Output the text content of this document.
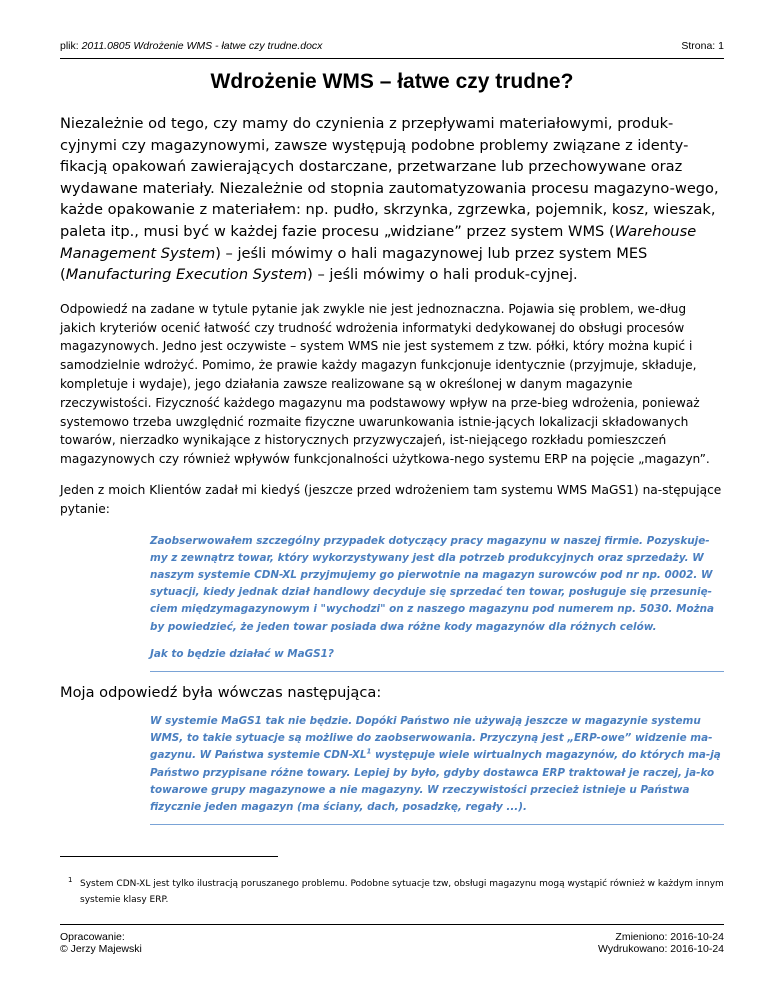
plik: 2011.0805 Wdrożenie WMS - łatwe czy trudne.docx	Strona: 1
Wdrożenie WMS – łatwe czy trudne?

Niezależnie od tego, czy mamy do czynienia z przepływami materiałowymi, produk-cyjnymi czy magazynowymi, zawsze występują podobne problemy związane z identy-fikacją opakowań zawierających dostarczane, przetwarzane lub przechowywane oraz wydawane materiały. Niezależnie od stopnia zautomatyzowania procesu magazyno-wego, każde opakowanie z materiałem: np. pudło, skrzynka, zgrzewka, pojemnik, kosz, wieszak, paleta itp., musi być w każdej fazie procesu „widziane” przez system WMS (Warehouse Management System) – jeśli mówimy o hali magazynowej lub przez system MES (Manufacturing Execution System) – jeśli mówimy o hali produk-cyjnej.

Odpowiedź na zadane w tytule pytanie jak zwykle nie jest jednoznaczna. Pojawia się problem, we-dług jakich kryteriów ocenić łatwość czy trudność wdrożenia informatyki dedykowanej do obsługi procesów magazynowych. Jedno jest oczywiste – system WMS nie jest systemem z tzw. półki, który można kupić i samodzielnie wdrożyć. Pomimo, że prawie każdy magazyn funkcjonuje identycznie (przyjmuje, składuje, kompletuje i wydaje), jego działania zawsze realizowane są w określonej w danym magazynie rzeczywistości. Fizyczność każdego magazynu ma podstawowy wpływ na prze-bieg wdrożenia, ponieważ systemowo trzeba uwzględnić rozmaite fizyczne uwarunkowania istnie-jących lokalizacji składowanych towarów, nierzadko wynikające z historycznych przyzwyczajeń, ist-niejącego rozkładu pomieszczeń magazynowych czy również wpływów funkcjonalności użytkowa-nego systemu ERP na pojęcie „magazyn”.

Jeden z moich Klientów zadał mi kiedyś (jeszcze przed wdrożeniem tam systemu WMS MaGS1) na-stępujące pytanie:

Zaobserwowałem szczególny przypadek dotyczący pracy magazynu w naszej firmie. Pozyskuje-my z zewnątrz towar, który wykorzystywany jest dla potrzeb produkcyjnych oraz sprzedaży. W naszym systemie CDN-XL przyjmujemy go pierwotnie na magazyn surowców pod nr np. 0002. W sytuacji, kiedy jednak dział handlowy decyduje się sprzedać ten towar, posługuje się przesunię-ciem międzymagazynowym i "wychodzi" on z naszego magazynu pod numerem np. 5030. Można by powiedzieć, że jeden towar posiada dwa różne kody magazynów dla różnych celów.

Jak to będzie działać w MaGS1?

Moja odpowiedź była wówczas następująca:

W systemie MaGS1 tak nie będzie. Dopóki Państwo nie używają jeszcze w magazynie systemu WMS, to takie sytuacje są możliwe do zaobserwowania. Przyczyną jest „ERP-owe” widzenie ma-gazynu. W Państwa systemie CDN-$XL^1$ występuje wiele wirtualnych magazynów, do których ma-ją Państwo przypisane różne towary. Lepiej by było, gdyby dostawca ERP traktował je raczej, ja-ko towarowe grupy magazynowe a nie magazyny. W rzeczywistości przecież istnieje u Państwa fizycznie jeden magazyn (ma ściany, dach, posadzkę, regały ...).

1 System CDN-XL jest tylko ilustracją poruszanego problemu. Podobne sytuacje tzw, obsługi magazynu mogą wystąpić również w każdym innym systemie klasy ERP.
Opracowanie:
© Jerzy Majewski
Zmieniono: 2016-10-24
Wydrukowano: 2016-10-24
